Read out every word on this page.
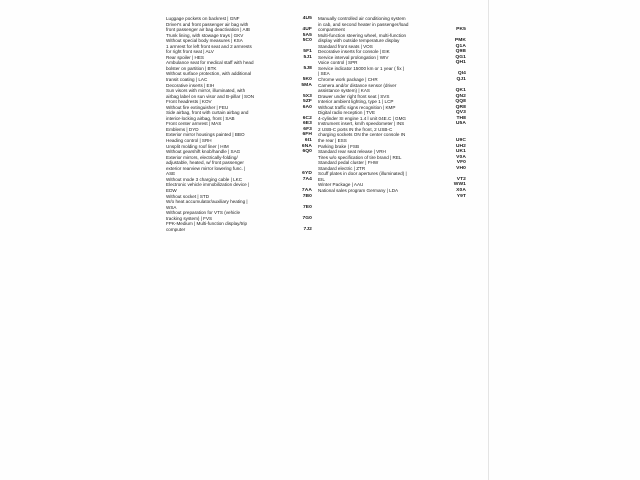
Luggage pockets on backrest | GNF	4U5
Driver's and front passenger air bag with
front passenger air bag deactivation | AIB	4UF
Trunk lining, with stowage trays | GKV	5A5
Without special body measures | KSA	5C0
1 armrest for left front seat and 2 armrests
for right front seat | ALV	5F1
Rear spoiler | HES	5J1
Ambulance seat for medical staff with head
bolster on partition | BTK	5J8
Without surface protection, with additional
transit coating | LAC	5K0
Decorative inserts | EIH	5MA
Sun visors with mirror, illuminated, with
airbag label on sun visor and B-pillar | SON	5X3
Front headrests | KOV	5ZF
Without fire extinguisher | FEU	6A0
Side airbag, front with curtain airbag and
interior-locking airbag, front | SAB	6C2
Front center armrest | MAS	6E3
Emblems | DYD	6F3
Exterior mirror housings painted | BBO	6FH
Heading control | SRH	6I1
Unsplit molding roof liner | HIM	6NA
Without gearshift knob/handle | SAG	6Q0
Exterior mirrors, electrically-folding/
adjustable, heated, w/ front passenger
exterior rearview mirror lowering func. |
ASE	6YD
Without mode 3 charging cable | LKC	7A4
Electronic vehicle immobilization device |
EDW	7AA
Without socket | STD	7B0
W/o heat accumulator/auxiliary heating |
WSA	7E0
Without preparation for VTS (vehicle
tracking system) | FVS	7G0
FPK-Medium | Multi-function display/trip
computer	7J2
Manually controlled air conditioning system
in cab, and second heater in passenger/load
compartment	PK5
Multi-function steering wheel, multi-function
display with outside temperature display	PMK
Standard front seats | VOS	Q1A
Decorative inserts for console | EIK	Q9B
Service interval prolongation | WIV	QG1
Voice control | SPR	QH1
Service indicator 15000 km or 1 year ( fix )
| SEA	QI4
Chrome work package | CHR	QJ1
Camera and/or distance sensor (driver
assistance system) | KAS	QK1
Drawer under right front seat | SVS	QN2
Interior ambient lighting, type 1 | LCP	QQ8
Without traffic signs recognition | KMP	QR8
Digital radio reception | TVE	QV3
4-cylinder SI engine 1.4 l unit 04E.C | GMG	TH8
Instrument insert, km/h speedometer | INS	U5A
2 USB-C ports IN the front, 2 USB-C
charging sockets ON the center console IN
the rear | ESS	U9C
Parking brake | FSB	UH2
Standard rear seat release | VRH	UK1
Tires w/o specification of tire brand | REL	V0A
Standard pedal cluster | FHW	VF0
Standard electric | ZTR	VH0
Scuff plates in door apertures (illuminated) |
EIL	VT2
Winter Package | AAU	WW1
National sales program Germany | LDA	X0A
Y9T
